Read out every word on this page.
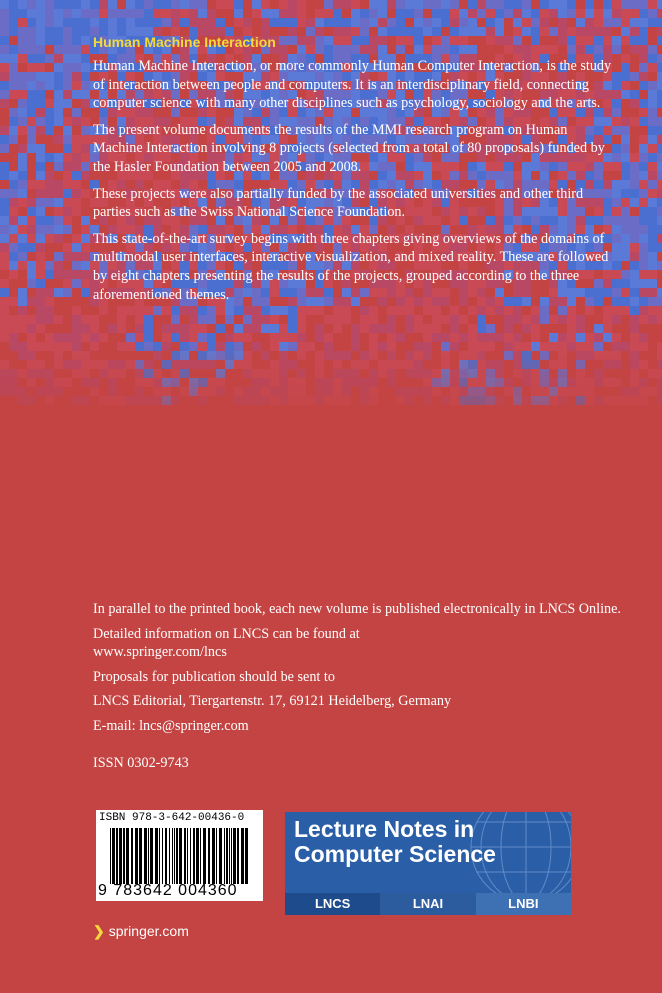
Human Machine Interaction

Human Machine Interaction, or more commonly Human Computer Interaction, is the study of interaction between people and computers. It is an interdisciplinary field, connecting computer science with many other disciplines such as psychology, sociology and the arts.

The present volume documents the results of the MMI research program on Human Machine Interaction involving 8 projects (selected from a total of 80 proposals) funded by the Hasler Foundation between 2005 and 2008.

These projects were also partially funded by the associated universities and other third parties such as the Swiss National Science Foundation.

This state-of-the-art survey begins with three chapters giving overviews of the domains of multimodal user interfaces, interactive visualization, and mixed reality. These are followed by eight chapters presenting the results of the projects, grouped according to the three aforementioned themes.

In parallel to the printed book, each new volume is published electronically in LNCS Online.

Detailed information on LNCS can be found at
www.springer.com/lncs

Proposals for publication should be sent to

LNCS Editorial, Tiergartenstr. 17, 69121 Heidelberg, Germany

E-mail: lncs@springer.com

ISSN 0302-9743

ISBN 978-3-642-00436-0
9 783642 004360
Lecture Notes in
Computer Science
LNCS	LNAI	LNBI
❯ springer.com
